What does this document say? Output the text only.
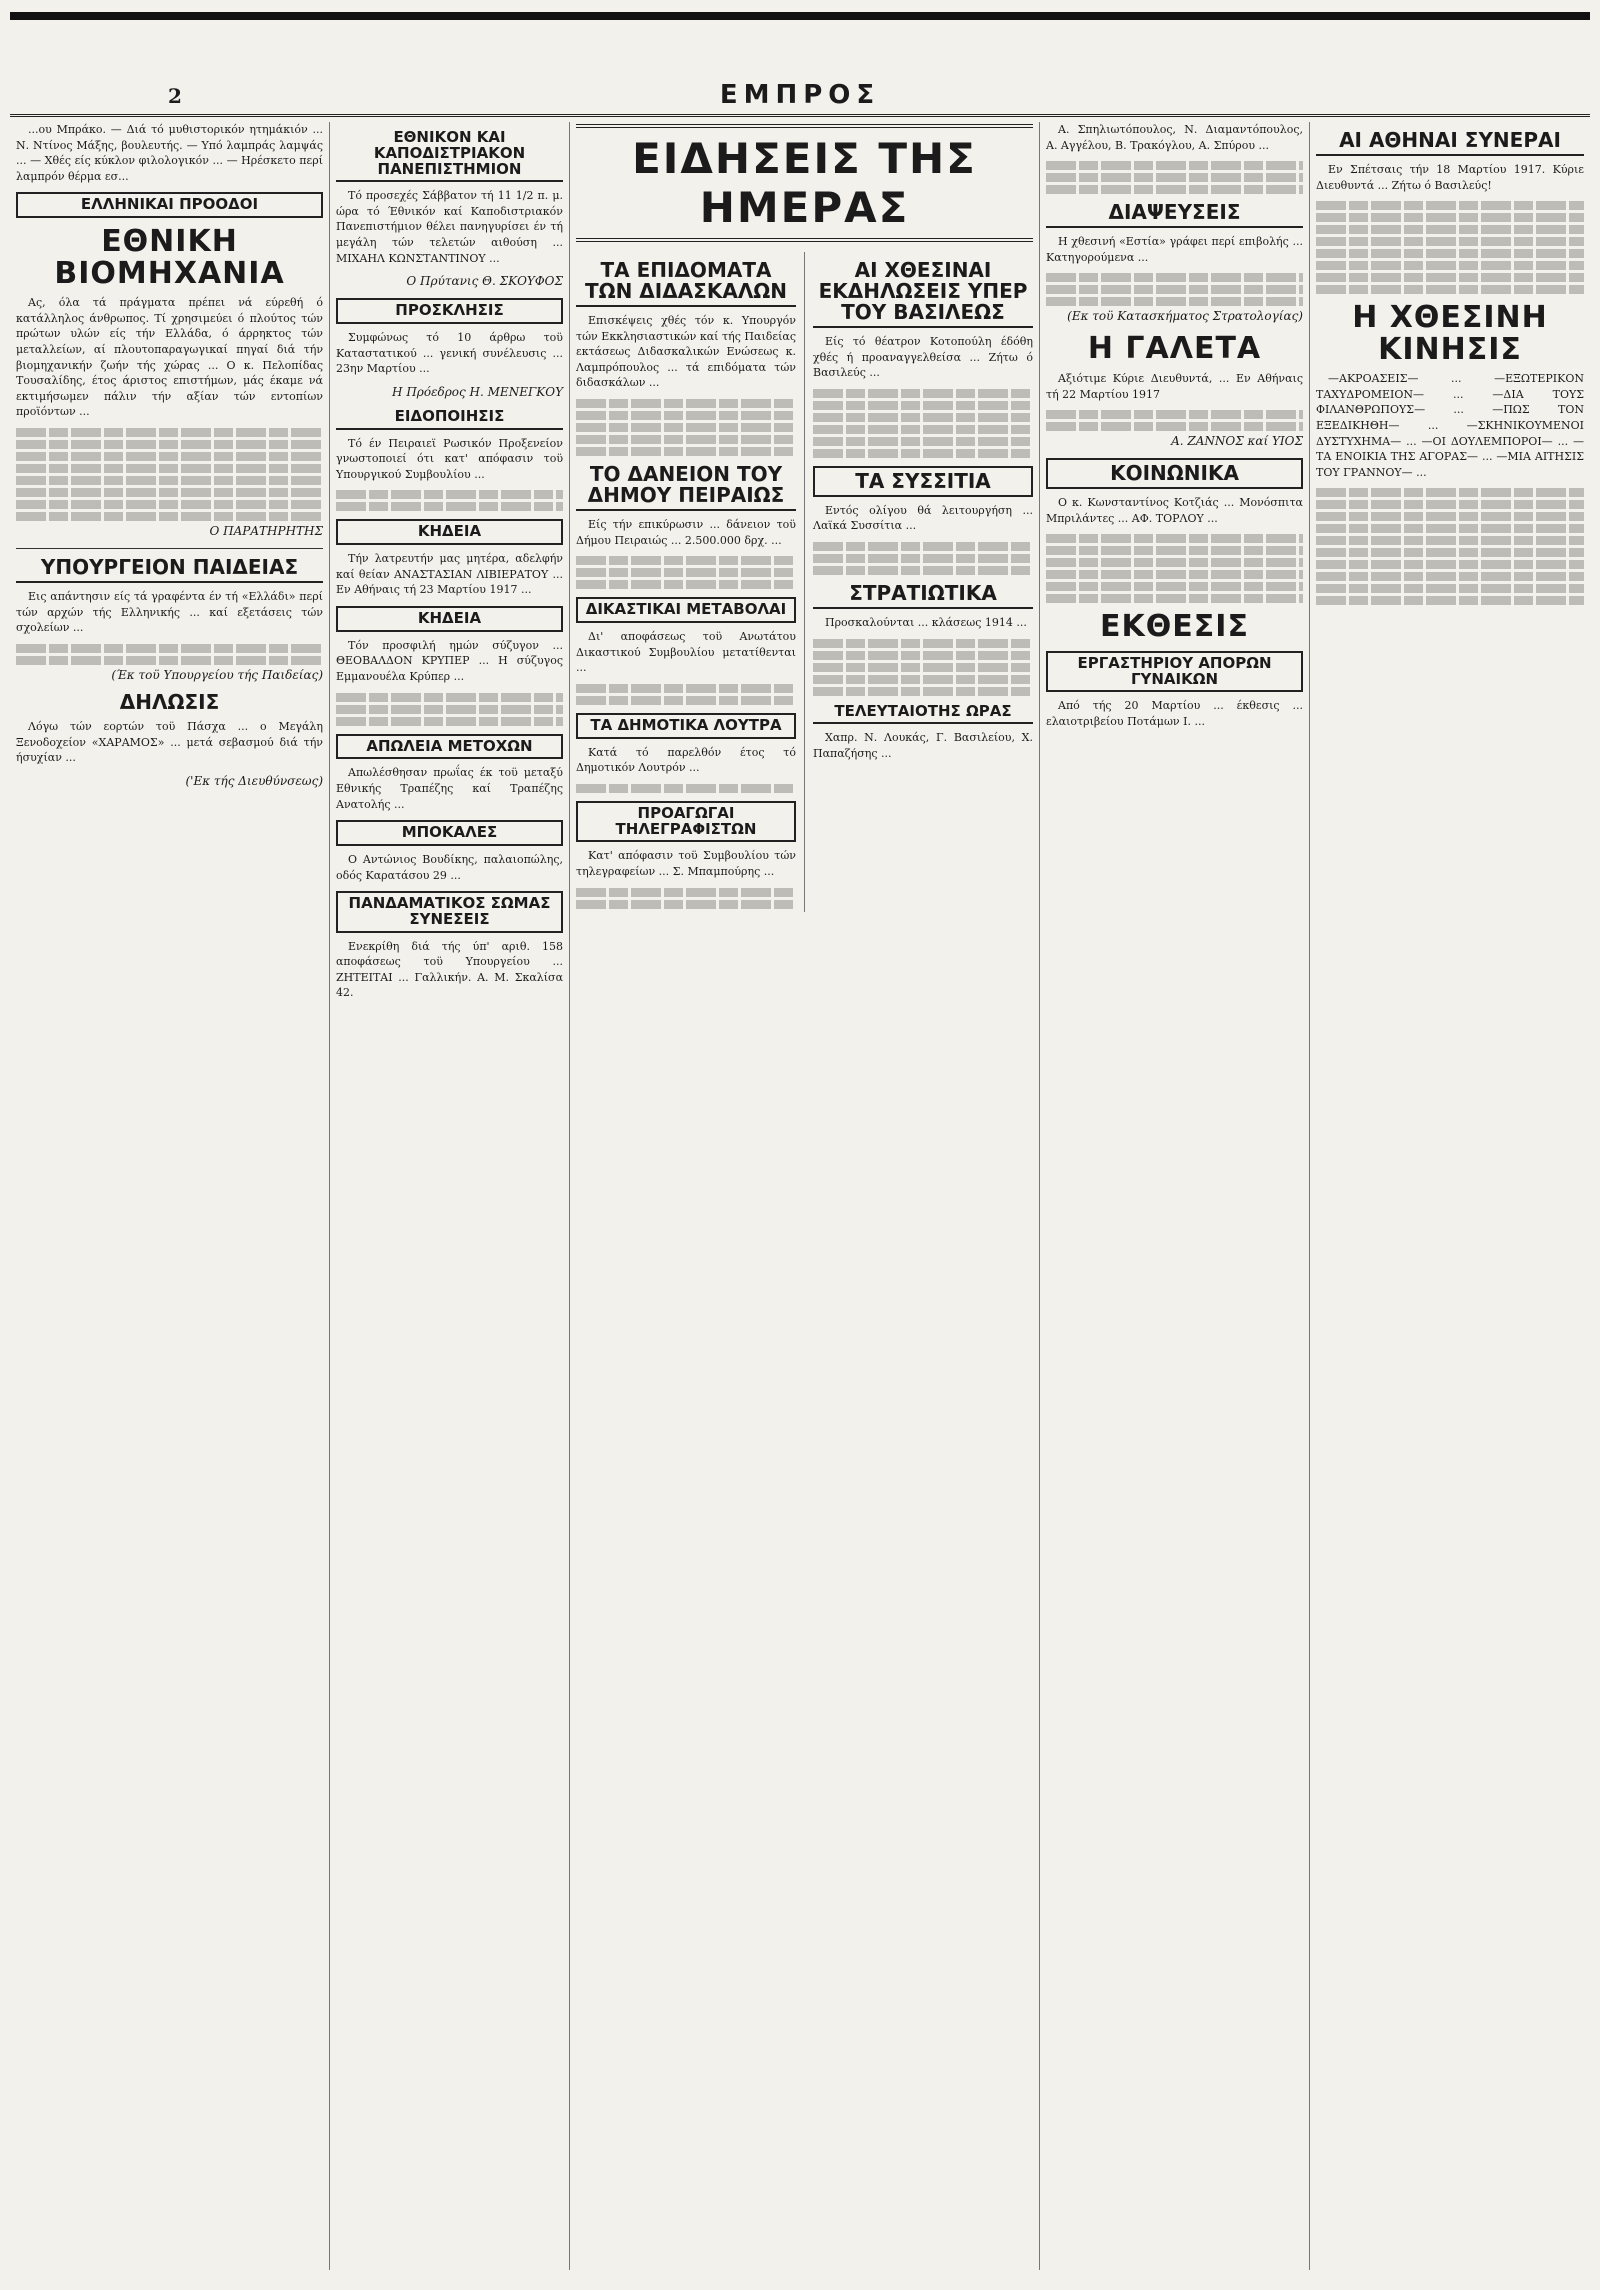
2	ΕΜΠΡΟΣ

...ου Μπράκο. — Διά τό μυθιστορικόν ητημάκιόν ... Ν. Ντίνος Μάξης, βουλευτής. — Υπό λαμπράς λαμψάς ... — Χθές είς κύκλον φιλολογικόν ... — Ηρέσκετο περί λαμπρόν θέρμα εσ...

ΕΛΛΗΝΙΚΑΙ ΠΡΟΟΔΟΙ
ΕΘΝΙΚΗ ΒΙΟΜΗΧΑΝΙΑ

Ας, όλα τά πράγματα πρέπει νά εύρεθή ό κατάλληλος άνθρωπος. Τί χρησιμεύει ό πλούτος τών πρώτων υλών είς τήν Ελλάδα, ό άρρηκτος τών μεταλλείων, αί πλουτοπαραγωγικαί πηγαί διά τήν βιομηχανικήν ζωήν τής χώρας ... Ο κ. Πελοπίδας Τουσαλίδης, έτος άριστος επιστήμων, μάς έκαμε νά εκτιμήσωμεν πάλιν τήν αξίαν τών εντοπίων προϊόντων ...

Ο ΠΑΡΑΤΗΡΗΤΗΣ
ΥΠΟΥΡΓΕΙΟΝ ΠΑΙΔΕΙΑΣ

Εις απάντησιν είς τά γραφέντα έν τή «Ελλάδι» περί τών αρχών τής Ελληνικής ... καί εξετάσεις τών σχολείων ...

(Έκ τοϋ Υπουργείου τής Παιδείας)
ΔΗΛΩΣΙΣ

Λόγω τών εορτών τοϋ Πάσχα ... ο Μεγάλη Ξενοδοχείον «ΧΑΡΑΜΟΣ» ... μετά σεβασμού διά τήν ήσυχίαν ...

('Εκ τής Διευθύνσεως)
ΕΘΝΙΚΟΝ ΚΑΙ ΚΑΠΟΔΙΣΤΡΙΑΚΟΝ ΠΑΝΕΠΙΣΤΗΜΙΟΝ

Τό προσεχές Σάββατον τή 11 1/2 π. μ. ώρα τό Έθνικόν καί Καποδιστριακόν Πανεπιστήμιον θέλει πανηγυρίσει έν τή μεγάλη τών τελετών αιθούση ... ΜΙΧΑΗΛ ΚΩΝΣΤΑΝΤΙΝΟΥ ...

Ο Πρύτανις Θ. ΣΚΟΥΦΟΣ
ΠΡΟΣΚΛΗΣΙΣ

Συμφώνως τό 10 άρθρω τοϋ Καταστατικού ... γενική συνέλευσις ... 23ην Μαρτίου ...

Η Πρόεδρος Η. ΜΕΝΕΓΚΟΥ
ΕΙΔΟΠΟΙΗΣΙΣ

Τό έν Πειραιεϊ Ρωσικόν Προξενείον γνωστοποιεί ότι κατ' απόφασιν τοϋ Υπουργικού Συμβουλίου ...

ΚΗΔΕΙΑ

Τήν λατρευτήν μας μητέρα, αδελφήν καί θείαν ΑΝΑΣΤΑΣΙΑΝ ΛΙΒΙΕΡΑΤΟΥ ... Εν Αθήναις τή 23 Μαρτίου 1917 ...

ΚΗΔΕΙΑ

Τόν προσφιλή ημών σύζυγον ... ΘΕΟΒΑΛΔΟΝ ΚΡΥΠΕΡ ... Η σύζυγος Εμμανουέλα Κρύπερ ...

ΑΠΩΛΕΙΑ ΜΕΤΟΧΩΝ

Απωλέσθησαν πρωΐας έκ τοϋ μεταξύ Εθνικής Τραπέζης καί Τραπέζης Ανατολής ...

ΜΠΟΚΑΛΕΣ

Ο Αντώνιος Βουδίκης, παλαιοπώλης, οδός Καρατάσου 29 ...

ΠΑΝΔΑΜΑΤΙΚΟΣ ΣΩΜΑΣ ΣΥΝΕΣΕΙΣ

Ενεκρίθη διά τής ύπ' αριθ. 158 αποφάσεως τοϋ Υπουργείου ... ΖΗΤΕΙΤΑΙ ... Γαλλικήν. Α. Μ. Σκαλίσα 42.

ΕΙΔΗΣΕΙΣ ΤΗΣ ΗΜΕΡΑΣ
ΤΑ ΕΠΙΔΟΜΑΤΑ ΤΩΝ ΔΙΔΑΣΚΑΛΩΝ

Επισκέψεις χθές τόν κ. Υπουργόν τών Εκκλησιαστικών καί τής Παιδείας εκτάσεως Διδασκαλικών Ενώσεως κ. Λαμπρόπουλος ... τά επιδόματα τών διδασκάλων ...

ΤΟ ΔΑΝΕΙΟΝ ΤΟΥ ΔΗΜΟΥ ΠΕΙΡΑΙΩΣ

Είς τήν επικύρωσιν ... δάνειον τοϋ Δήμου Πειραιώς ... 2.500.000 δρχ. ...

ΔΙΚΑΣΤΙΚΑΙ ΜΕΤΑΒΟΛΑΙ

Δι' αποφάσεως τοϋ Ανωτάτου Δικαστικού Συμβουλίου μετατίθενται ...

ΤΑ ΔΗΜΟΤΙΚΑ ΛΟΥΤΡΑ

Κατά τό παρελθόν έτος τό Δημοτικόν Λουτρόν ...

ΠΡΟΑΓΩΓΑΙ ΤΗΛΕΓΡΑΦΙΣΤΩΝ

Κατ' απόφασιν τοϋ Συμβουλίου τών τηλεγραφείων ... Σ. Μπαμπούρης ...

ΑΙ ΧΘΕΣΙΝΑΙ ΕΚΔΗΛΩΣΕΙΣ ΥΠΕΡ ΤΟΥ ΒΑΣΙΛΕΩΣ

Είς τό θέατρον Κοτοπούλη έδόθη χθές ή προαναγγελθείσα ... Ζήτω ό Βασιλεύς ...

ΤΑ ΣΥΣΣΙΤΙΑ

Εντός ολίγου θά λειτουργήση ... Λαϊκά Συσσίτια ...

ΣΤΡΑΤΙΩΤΙΚΑ

Προσκαλούνται ... κλάσεως 1914 ...

ΤΕΛΕΥΤΑΙΟΤΗΣ ΩΡΑΣ

Χαπρ. Ν. Λουκάς, Γ. Βασιλείου, Χ. Παπαζήσης ...

Α. Σπηλιωτόπουλος, Ν. Διαμαντόπουλος, Α. Αγγέλου, Β. Τρακόγλου, Α. Σπύρου ...

ΔΙΑΨΕΥΣΕΙΣ

Η χθεσινή «Εστία» γράφει περί επιβολής ... Κατηγορούμενα ...

(Εκ τοϋ Κατασκήματος Στρατολογίας)
Η ΓΑΛΕΤΑ

Αξιότιμε Κύριε Διευθυντά, ... Εν Αθήναις τή 22 Μαρτίου 1917

Α. ΖΑΝΝΟΣ καί ΥΙΟΣ
ΚΟΙΝΩΝΙΚΑ

Ο κ. Κωνσταντίνος Κοτζιάς ... Μονόσπιτα Μπριλάντες ... ΑΦ. ΤΟΡΛΟΥ ...

ΕΚΘΕΣΙΣ
ΕΡΓΑΣΤΗΡΙΟΥ ΑΠΟΡΩΝ ΓΥΝΑΙΚΩΝ

Από τής 20 Μαρτίου ... έκθεσις ... ελαιοτριβείου Ποτάμων Ι. ...

ΑΙ ΑΘΗΝΑΙ ΣΥΝΕΡΑΙ

Εν Σπέτσαις τήν 18 Μαρτίου 1917. Κύριε Διευθυντά ... Ζήτω ό Βασιλεύς!

Η ΧΘΕΣΙΝΗ ΚΙΝΗΣΙΣ

—ΑΚΡΟΑΣΕΙΣ— ... —ΕΞΩΤΕΡΙΚΟΝ ΤΑΧΥΔΡΟΜΕΙΟΝ— ... —ΔΙΑ ΤΟΥΣ ΦΙΛΑΝΘΡΩΠΟΥΣ— ... —ΠΩΣ ΤΟΝ ΕΞΕΔΙΚΗΘΗ— ... —ΣΚΗΝΙΚΟΥΜΕΝΟΙ ΔΥΣΤΥΧΗΜΑ— ... —ΟΙ ΔΟΥΛΕΜΠΟΡΟΙ— ... —ΤΑ ΕΝΟΙΚΙΑ ΤΗΣ ΑΓΟΡΑΣ— ... —ΜΙΑ ΑΙΤΗΣΙΣ ΤΟΥ ΓΡΑΝΝΟΥ— ...
